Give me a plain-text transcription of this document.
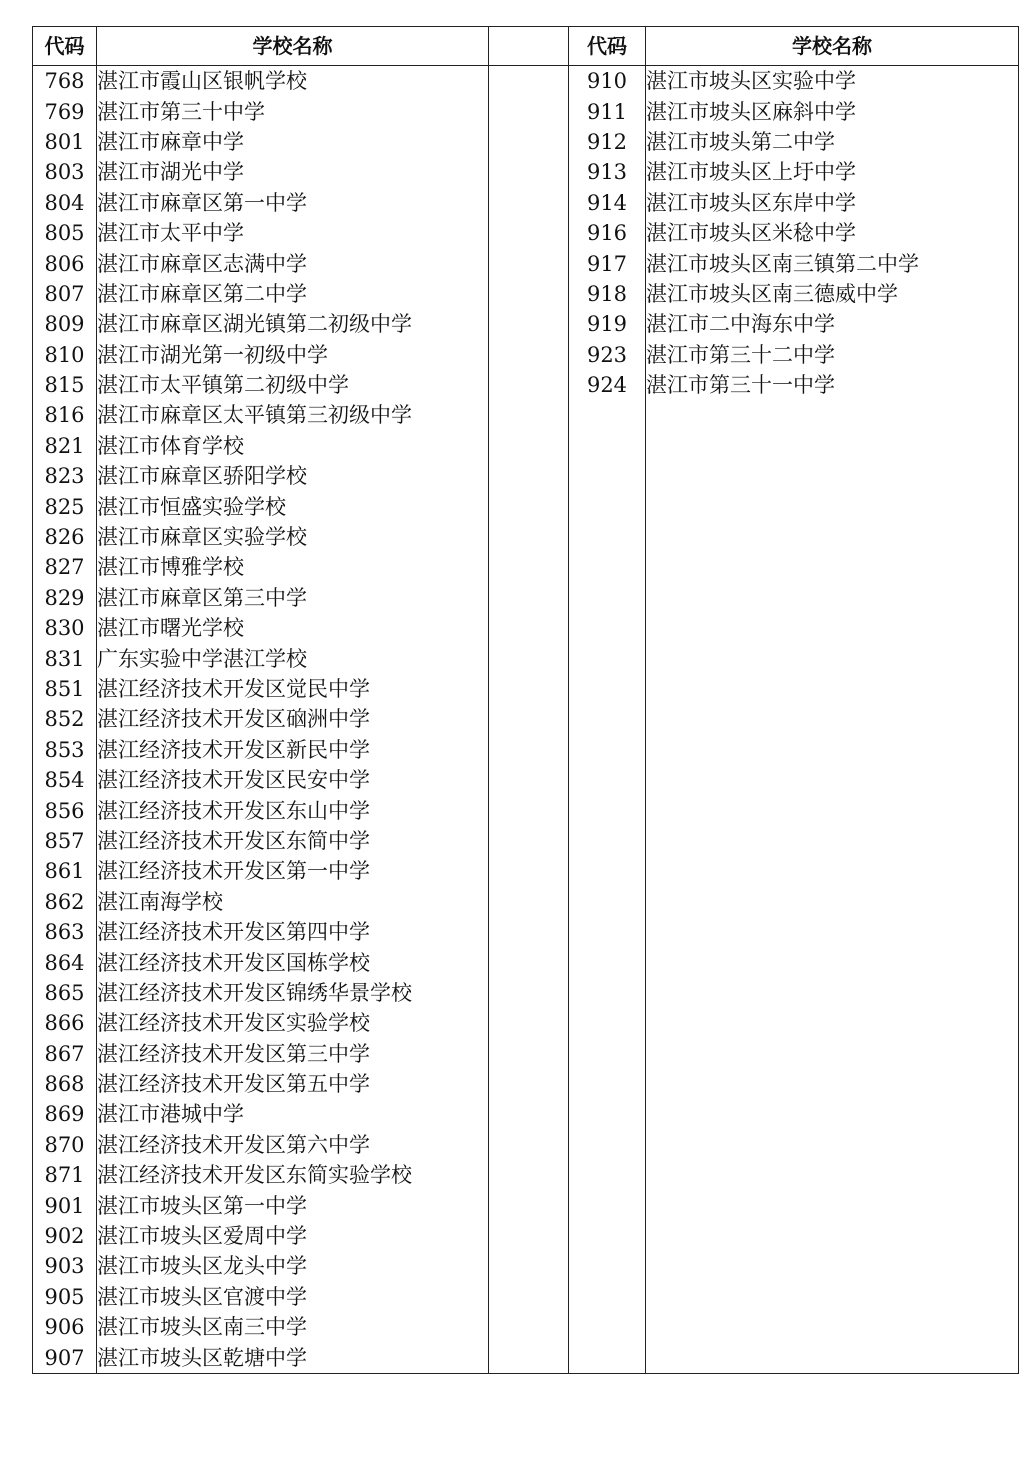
代码	学校名称		代码	学校名称
768	湛江市霞山区银帆学校		910	湛江市坡头区实验中学
769	湛江市第三十中学		911	湛江市坡头区麻斜中学
801	湛江市麻章中学		912	湛江市坡头第二中学
803	湛江市湖光中学		913	湛江市坡头区上圩中学
804	湛江市麻章区第一中学		914	湛江市坡头区东岸中学
805	湛江市太平中学		916	湛江市坡头区米稔中学
806	湛江市麻章区志满中学		917	湛江市坡头区南三镇第二中学
807	湛江市麻章区第二中学		918	湛江市坡头区南三德威中学
809	湛江市麻章区湖光镇第二初级中学		919	湛江市二中海东中学
810	湛江市湖光第一初级中学		923	湛江市第三十二中学
815	湛江市太平镇第二初级中学		924	湛江市第三十一中学
816	湛江市麻章区太平镇第三初级中学			
821	湛江市体育学校			
823	湛江市麻章区骄阳学校			
825	湛江市恒盛实验学校			
826	湛江市麻章区实验学校			
827	湛江市博雅学校			
829	湛江市麻章区第三中学			
830	湛江市曙光学校			
831	广东实验中学湛江学校			
851	湛江经济技术开发区觉民中学			
852	湛江经济技术开发区硇洲中学			
853	湛江经济技术开发区新民中学			
854	湛江经济技术开发区民安中学			
856	湛江经济技术开发区东山中学			
857	湛江经济技术开发区东简中学			
861	湛江经济技术开发区第一中学			
862	湛江南海学校			
863	湛江经济技术开发区第四中学			
864	湛江经济技术开发区国栋学校			
865	湛江经济技术开发区锦绣华景学校			
866	湛江经济技术开发区实验学校			
867	湛江经济技术开发区第三中学			
868	湛江经济技术开发区第五中学			
869	湛江市港城中学			
870	湛江经济技术开发区第六中学			
871	湛江经济技术开发区东简实验学校			
901	湛江市坡头区第一中学			
902	湛江市坡头区爱周中学			
903	湛江市坡头区龙头中学			
905	湛江市坡头区官渡中学			
906	湛江市坡头区南三中学			
907	湛江市坡头区乾塘中学			
